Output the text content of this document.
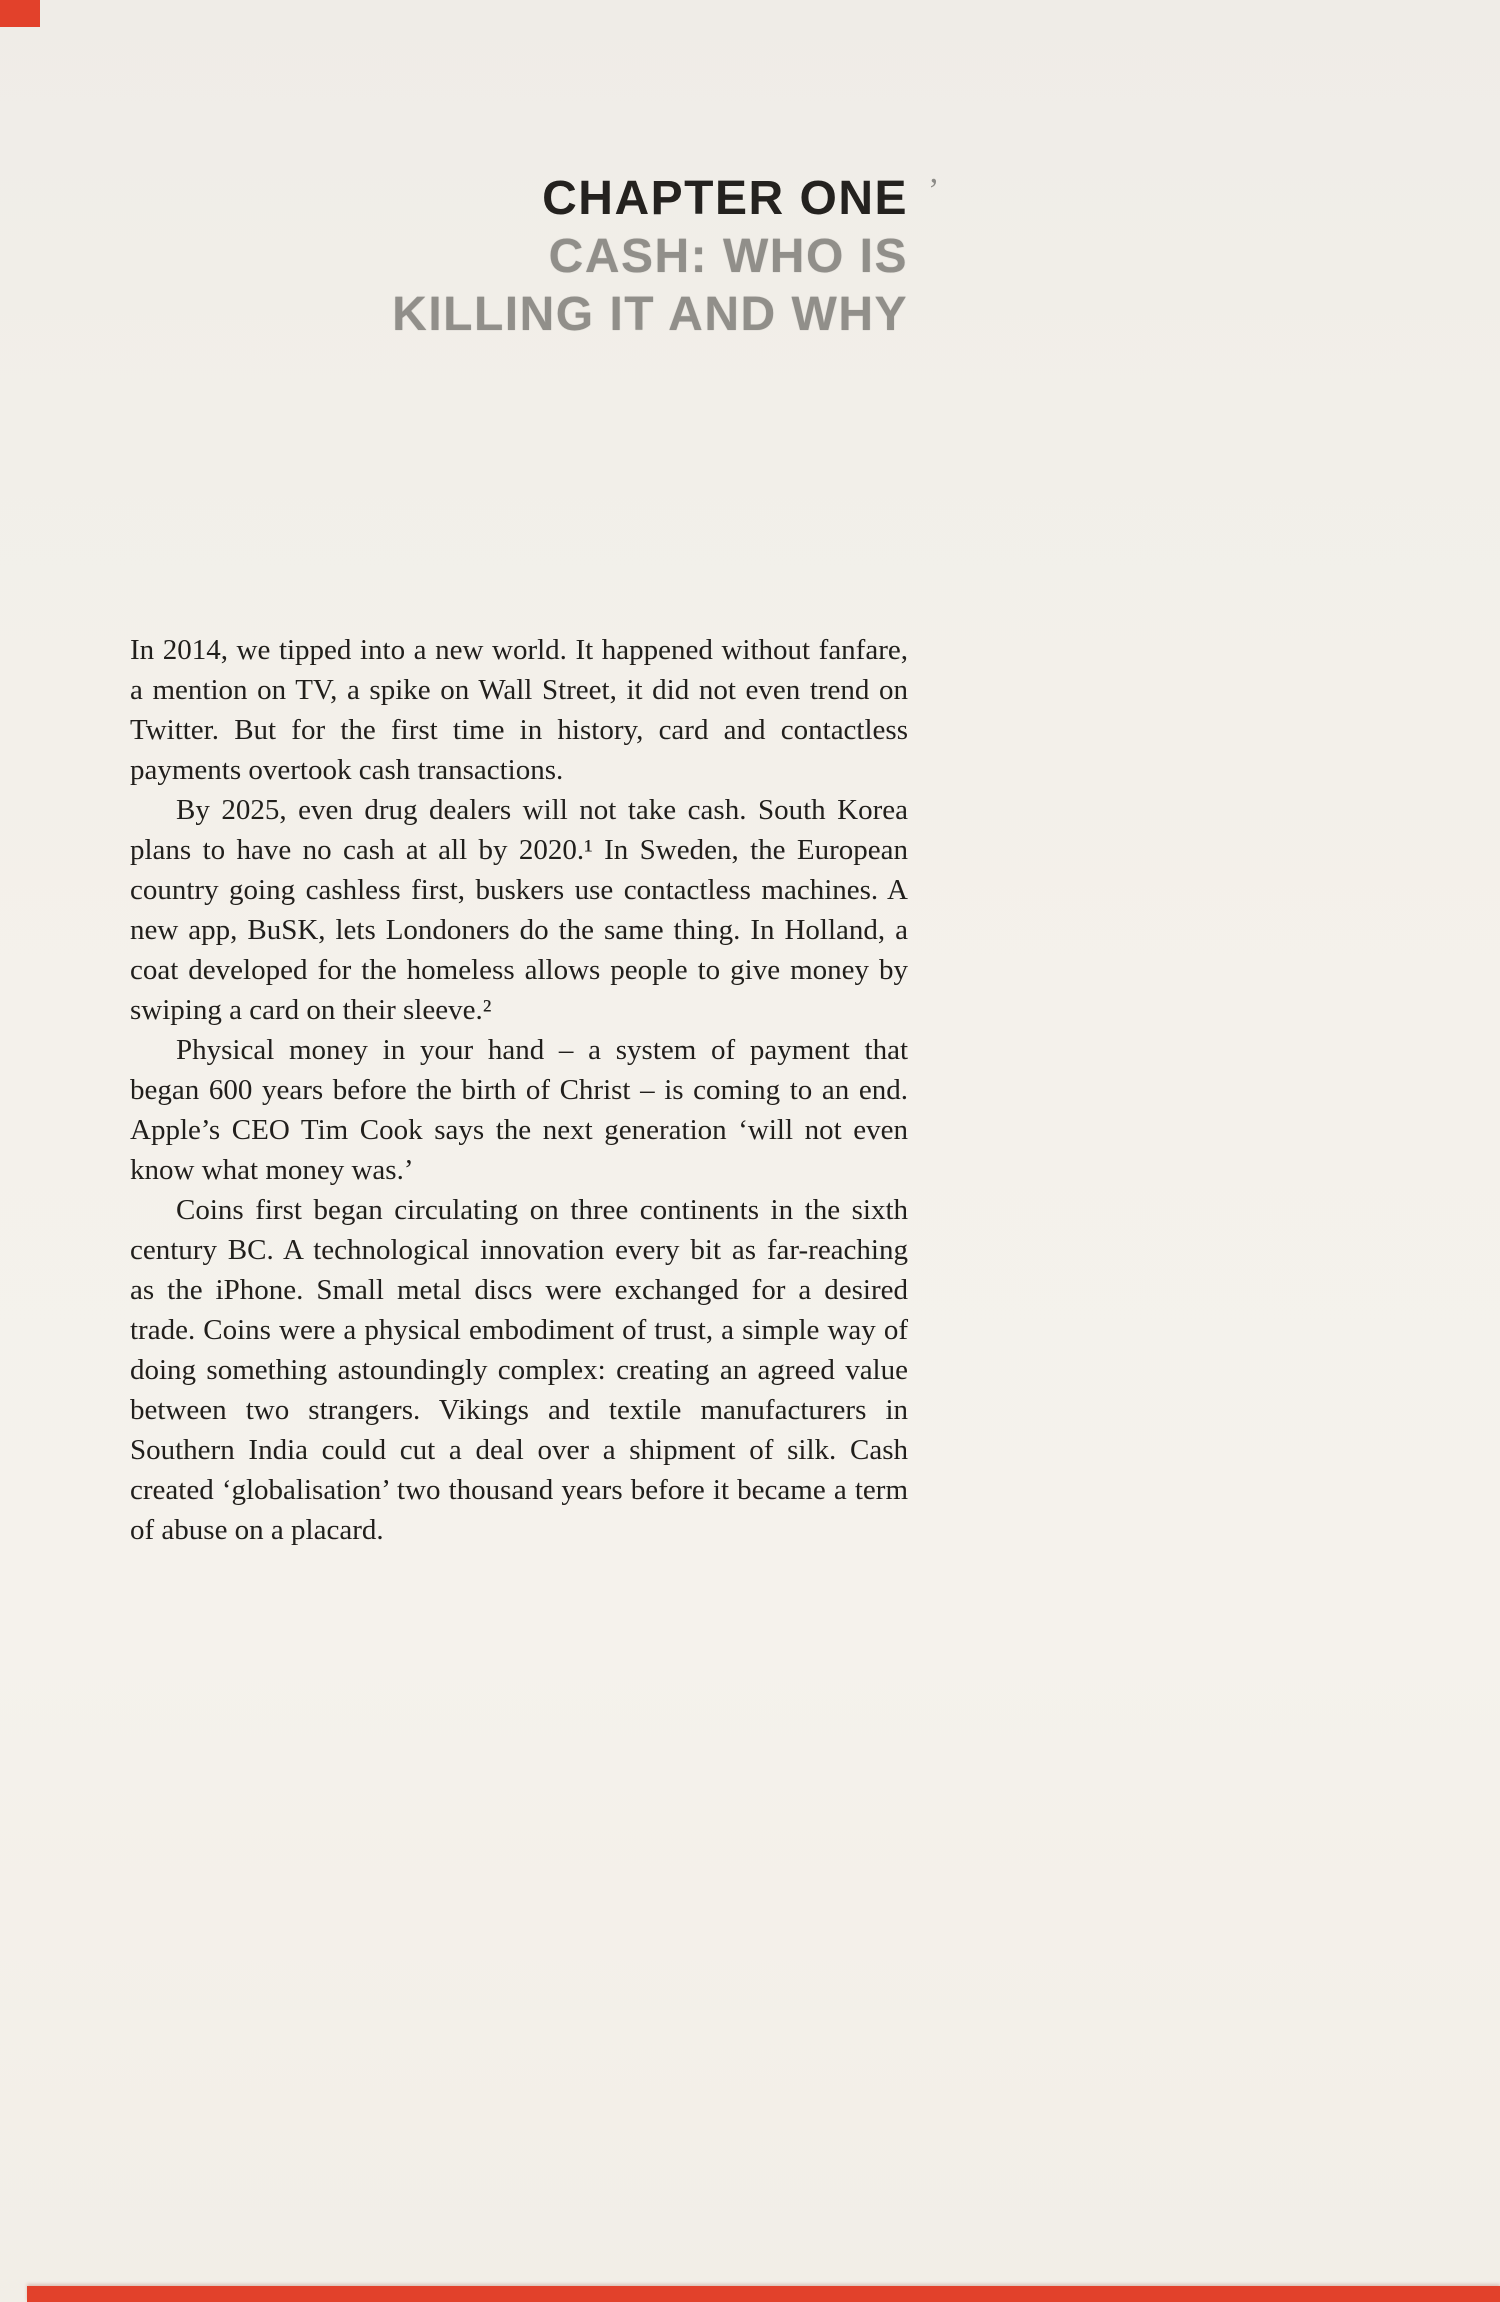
’
CHAPTER ONE
CASH: WHO IS
KILLING IT AND WHY

In 2014, we tipped into a new world. It happened without fanfare, a mention on TV, a spike on Wall Street, it did not even trend on Twitter. But for the first time in history, card and contactless payments overtook cash transactions.

By 2025, even drug dealers will not take cash. South Korea plans to have no cash at all by 2020.¹ In Sweden, the European country going cashless first, buskers use contactless machines. A new app, BuSK, lets Londoners do the same thing. In Holland, a coat developed for the homeless allows people to give money by swiping a card on their sleeve.²

Physical money in your hand – a system of payment that began 600 years before the birth of Christ – is coming to an end. Apple’s CEO Tim Cook says the next generation ‘will not even know what money was.’

Coins first began circulating on three continents in the sixth century BC. A technological innovation every bit as far-reaching as the iPhone. Small metal discs were exchanged for a desired trade. Coins were a physical embodiment of trust, a simple way of doing something astoundingly complex: creating an agreed value between two strangers. Vikings and textile manufacturers in Southern India could cut a deal over a shipment of silk. Cash created ‘globalisation’ two thousand years before it became a term of abuse on a placard.
